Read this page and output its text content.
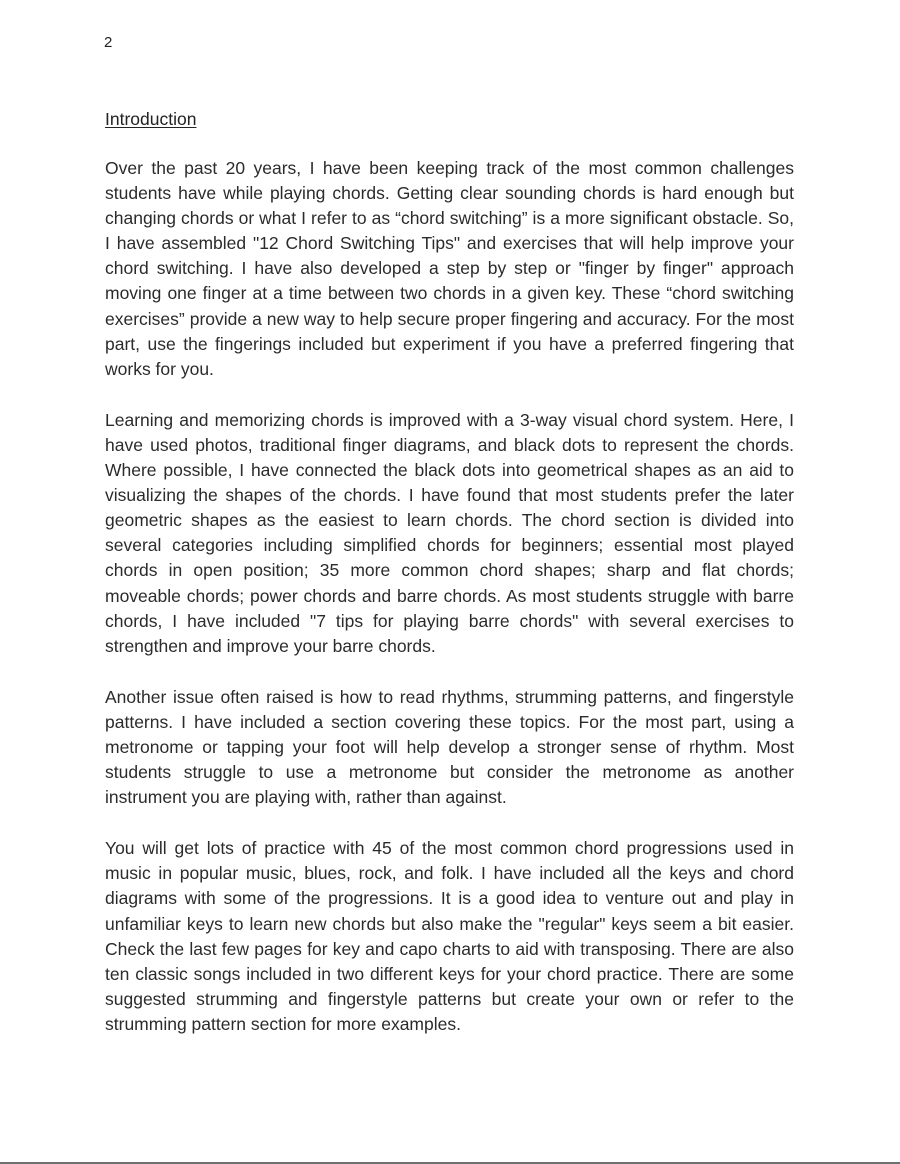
2
Introduction

Over the past 20 years, I have been keeping track of the most common challenges students have while playing chords. Getting clear sounding chords is hard enough but changing chords or what I refer to as “chord switching” is a more significant obstacle. So, I have assembled "12 Chord Switching Tips" and exercises that will help improve your chord switching. I have also developed a step by step or "finger by finger" approach moving one finger at a time between two chords in a given key. These “chord switching exercises” provide a new way to help secure proper fingering and accuracy. For the most part, use the fingerings included but experiment if you have a preferred fingering that works for you.

Learning and memorizing chords is improved with a 3-way visual chord system. Here, I have used photos, traditional finger diagrams, and black dots to represent the chords. Where possible, I have connected the black dots into geometrical shapes as an aid to visualizing the shapes of the chords. I have found that most students prefer the later geometric shapes as the easiest to learn chords. The chord section is divided into several categories including simplified chords for beginners; essential most played chords in open position; 35 more common chord shapes; sharp and flat chords; moveable chords; power chords and barre chords. As most students struggle with barre chords, I have included "7 tips for playing barre chords" with several exercises to strengthen and improve your barre chords.

Another issue often raised is how to read rhythms, strumming patterns, and fingerstyle patterns. I have included a section covering these topics. For the most part, using a metronome or tapping your foot will help develop a stronger sense of rhythm. Most students struggle to use a metronome but consider the metronome as another instrument you are playing with, rather than against.

You will get lots of practice with 45 of the most common chord progressions used in music in popular music, blues, rock, and folk. I have included all the keys and chord diagrams with some of the progressions. It is a good idea to venture out and play in unfamiliar keys to learn new chords but also make the "regular" keys seem a bit easier. Check the last few pages for key and capo charts to aid with transposing. There are also ten classic songs included in two different keys for your chord practice. There are some suggested strumming and fingerstyle patterns but create your own or refer to the strumming pattern section for more examples.
